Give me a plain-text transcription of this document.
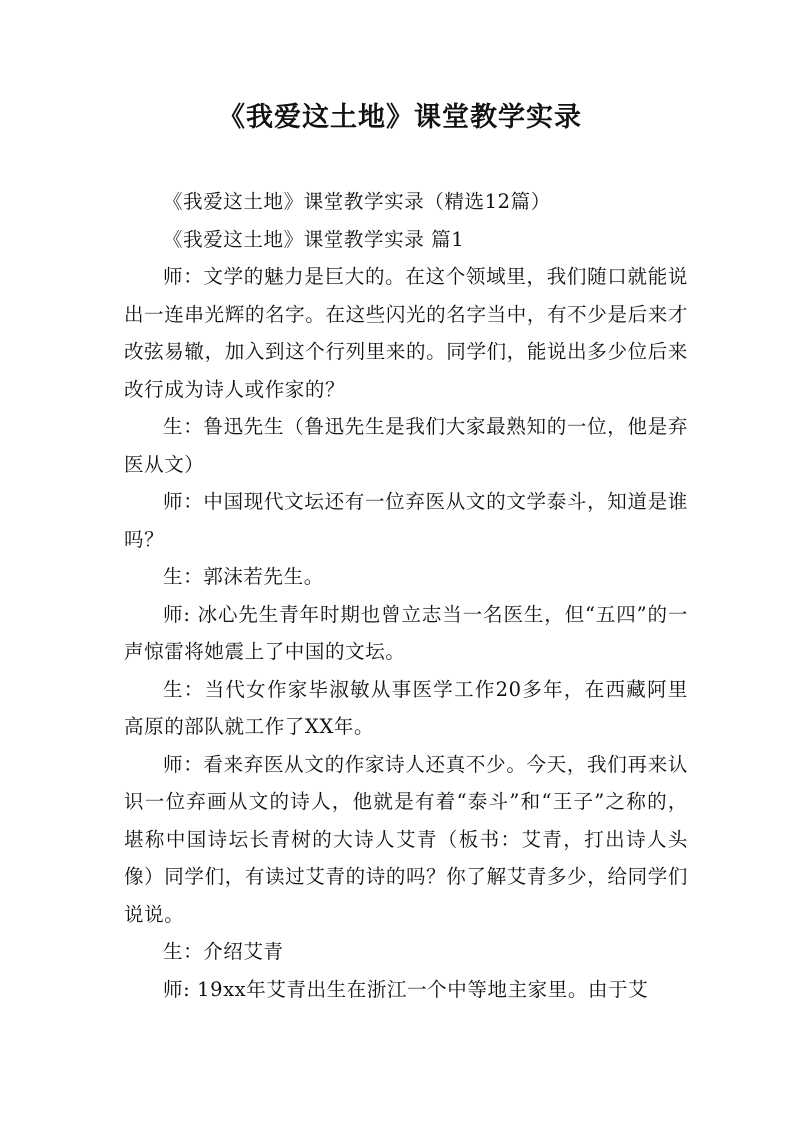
《我爱这土地》课堂教学实录

《我爱这土地》课堂教学实录（精选12篇）

《我爱这土地》课堂教学实录 篇1

师：文学的魅力是巨大的。在这个领域里，我们随口就能说出一连串光辉的名字。在这些闪光的名字当中，有不少是后来才改弦易辙，加入到这个行列里来的。同学们，能说出多少位后来改行成为诗人或作家的？

生：鲁迅先生（鲁迅先生是我们大家最熟知的一位，他是弃医从文）

师：中国现代文坛还有一位弃医从文的文学泰斗，知道是谁吗？

生：郭沫若先生。

师: 冰心先生青年时期也曾立志当一名医生，但“五四”的一声惊雷将她震上了中国的文坛。

生：当代女作家毕淑敏从事医学工作20多年，在西藏阿里高原的部队就工作了XX年。

师：看来弃医从文的作家诗人还真不少。今天，我们再来认识一位弃画从文的诗人，他就是有着“泰斗”和“王子”之称的，堪称中国诗坛长青树的大诗人艾青（板书：艾青，打出诗人头像）同学们，有读过艾青的诗的吗？你了解艾青多少，给同学们说说。

生：介绍艾青

师: 19xx年艾青出生在浙江一个中等地主家里。由于艾
